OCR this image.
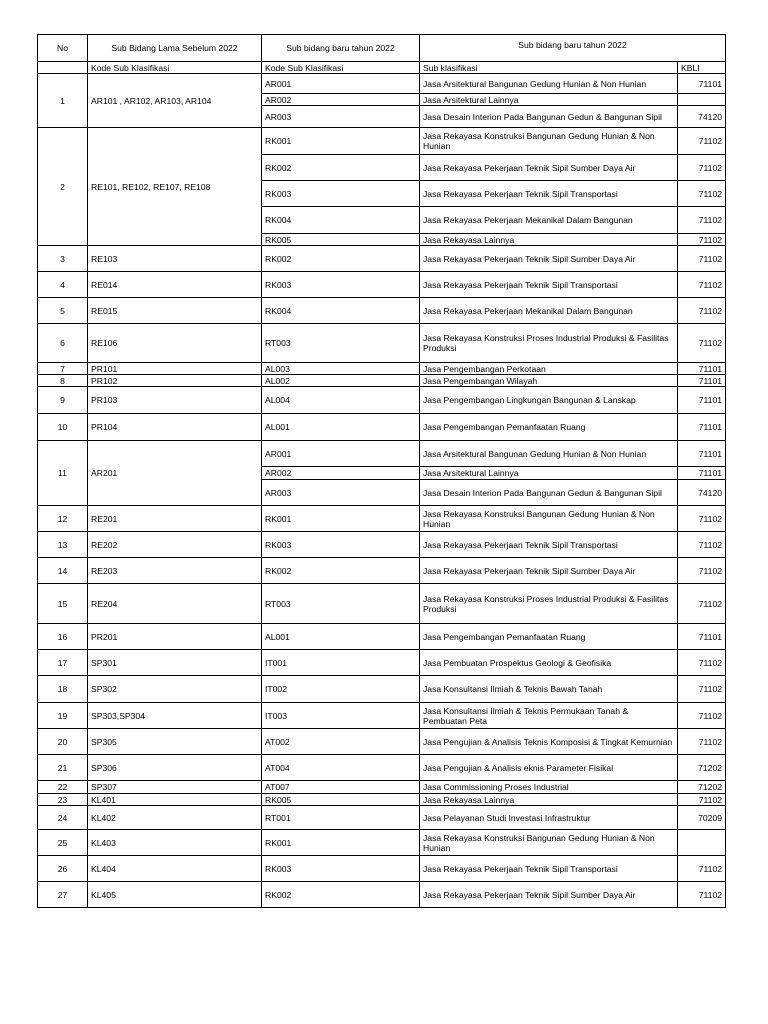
No	Sub Bidang Lama Sebelum 2022	Sub bidang baru tahun 2022	Sub bidang baru tahun 2022	
	Kode Sub Klasifikasi	Kode Sub Klasifikasi	Sub klasifikasi	KBLI
1	AR101 , AR102, AR103, AR104	AR001	Jasa Arsitektural Bangunan Gedung Hunian & Non Hunian	71101
		AR002	Jasa Arsitektural Lainnya	
		AR003	Jasa Desain Interion Pada Bangunan Gedun & Bangunan Sipil	74120
2	RE101, RE102, RE107, RE108	RK001	Jasa Rekayasa Konstruksi Bangunan Gedung Hunian & Non Hunian	71102
		RK002	Jasa Rekayasa Pekerjaan Teknik Sipil Sumber Daya Air	71102
		RK003	Jasa Rekayasa Pekerjaan Teknik Sipil Transportasi	71102
		RK004	Jasa Rekayasa Pekerjaan Mekanikal Dalam Bangunan	71102
		RK005	Jasa Rekayasa Lainnya	71102
3	RE103	RK002	Jasa Rekayasa Pekerjaan Teknik Sipil Sumber Daya Air	71102
4	RE014	RK003	Jasa Rekayasa Pekerjaan Teknik Sipil Transportasi	71102
5	RE015	RK004	Jasa Rekayasa Pekerjaan Mekanikal Dalam Bangunan	71102
6	RE106	RT003	Jasa Rekayasa Konstruksi Proses Industrial Produksi & Fasilitas Produksi	71102
7	PR101	AL003	Jasa Pengembangan Perkotaan	71101
8	PR102	AL002	Jasa Pengembangan Wilayah	71101
9	PR103	AL004	Jasa Pengembangan Lingkungan Bangunan & Lanskap	71101
10	PR104	AL001	Jasa Pengembangan Pemanfaatan Ruang	71101
11	AR201	AR001	Jasa Arsitektural Bangunan Gedung Hunian & Non Hunian	71101
		AR002	Jasa Arsitektural Lainnya	71101
		AR003	Jasa Desain Interion Pada Bangunan Gedun & Bangunan Sipil	74120
12	RE201	RK001	Jasa Rekayasa Konstruksi Bangunan Gedung Hunian & Non Hunian	71102
13	RE202	RK003	Jasa Rekayasa Pekerjaan Teknik Sipil Transportasi	71102
14	RE203	RK002	Jasa Rekayasa Pekerjaan Teknik Sipil Sumber Daya Air	71102
15	RE204	RT003	Jasa Rekayasa Konstruksi Proses Industrial Produksi & Fasilitas Produksi	71102
16	PR201	AL001	Jasa Pengembangan Pemanfaatan Ruang	71101
17	SP301	IT001	Jasa Pembuatan Prospektus Geologi & Geofisika	71102
18	SP302	IT002	Jasa Konsultansi Ilmiah & Teknis Bawah Tanah	71102
19	SP303,SP304	IT003	Jasa Konsultansi Ilmiah & Teknis Permukaan Tanah & Pembuatan Peta	71102
20	SP305	AT002	Jasa Pengujian & Analisis Teknis Komposisi & Tingkat Kemurnian	71102
21	SP306	AT004	Jasa Pengujian & Analisis eknis Parameter Fisikal	71202
22	SP307	AT007	Jasa Commissioning Proses Industrial	71202
23	KL401	RK005	Jasa Rekayasa Lainnya	71102
24	KL402	RT001	Jasa Pelayanan Studi Investasi Infrastruktur	70209
25	KL403	RK001	Jasa Rekayasa Konstruksi Bangunan Gedung Hunian & Non Hunian	
26	KL404	RK003	Jasa Rekayasa Pekerjaan Teknik Sipil Transportasi	71102
27	KL405	RK002	Jasa Rekayasa Pekerjaan Teknik Sipil Sumber Daya Air	71102
